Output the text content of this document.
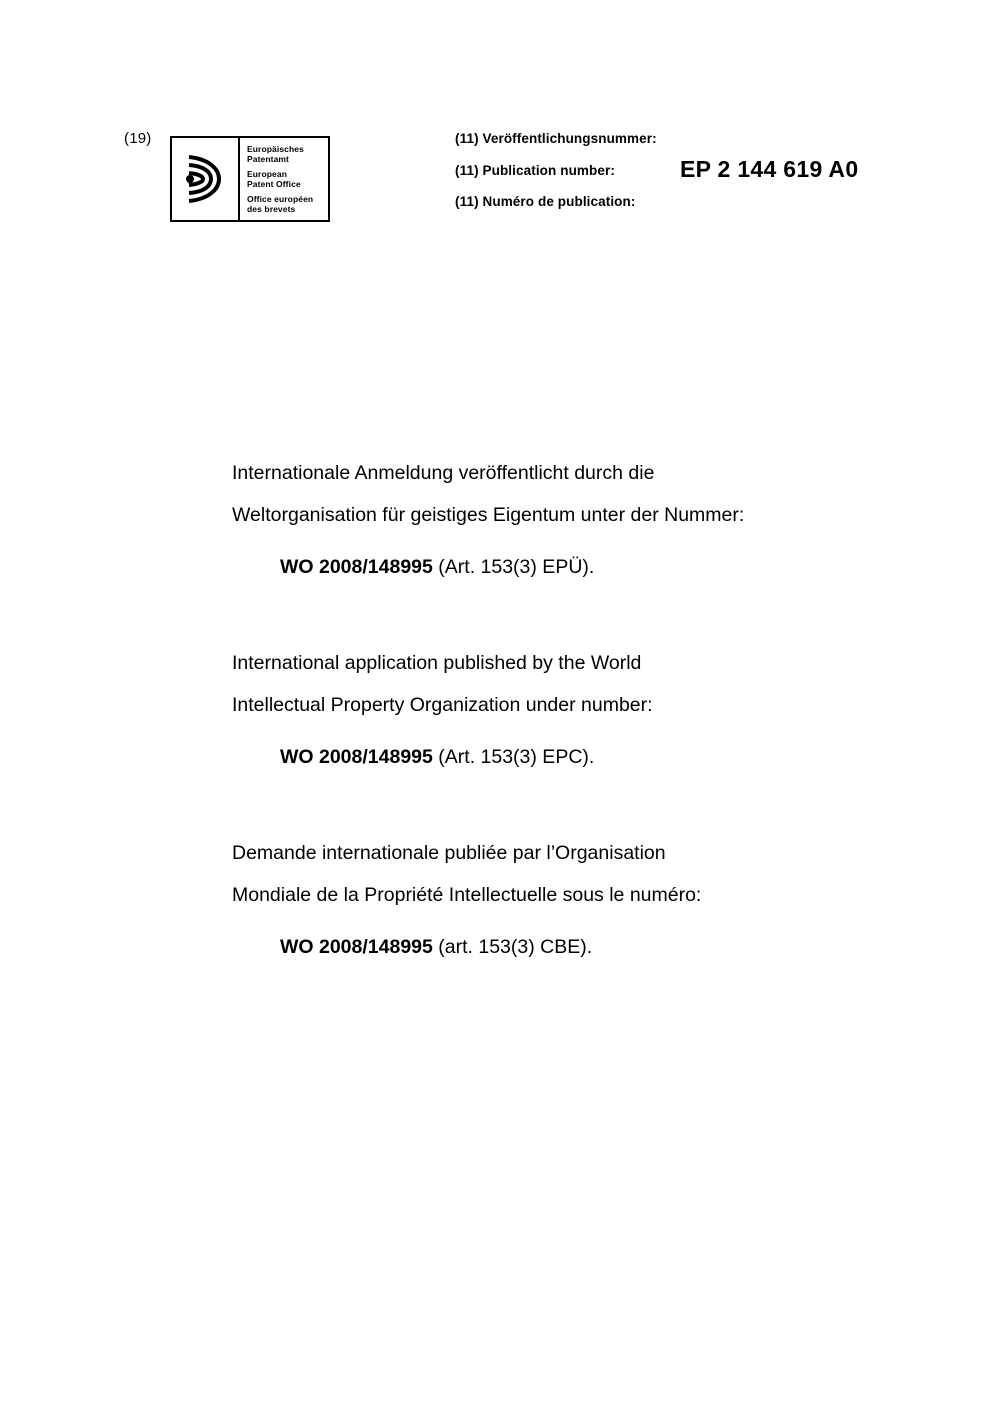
(19)
Europäisches
Patentamt
European
Patent Office
Office européen
des brevets
(11) Veröffentlichungsnummer:
(11) Publication number:
(11) Numéro de publication:
EP 2 144 619 A0
Internationale Anmeldung veröffentlicht durch die
Weltorganisation für geistiges Eigentum unter der Nummer:
WO 2008/148995 (Art. 153(3) EPÜ).
International application published by the World
Intellectual Property Organization under number:
WO 2008/148995 (Art. 153(3) EPC).
Demande internationale publiée par l’Organisation
Mondiale de la Propriété Intellectuelle sous le numéro:
WO 2008/148995 (art. 153(3) CBE).
